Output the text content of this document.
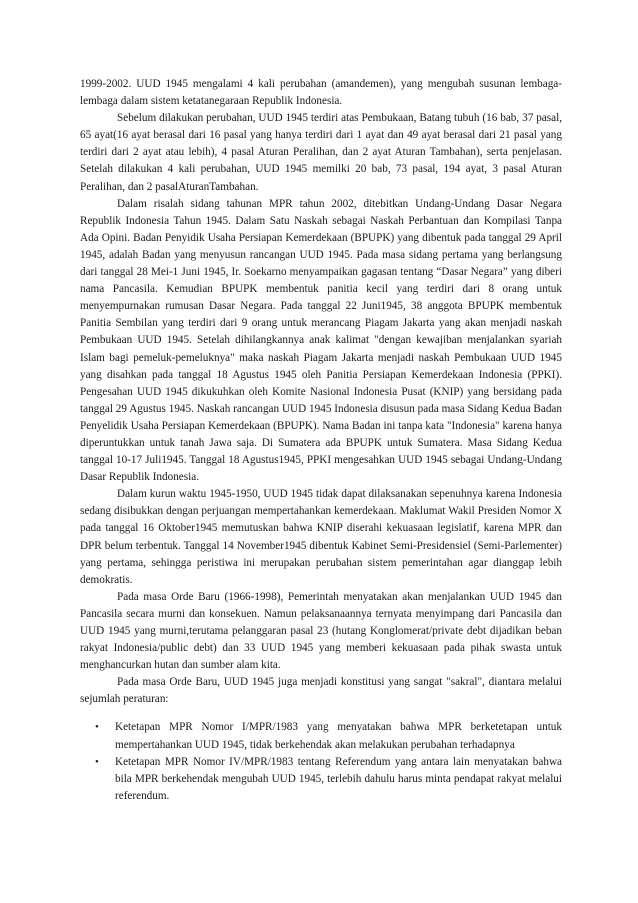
1999-2002. UUD 1945 mengalami 4 kali perubahan (amandemen), yang mengubah susunan lembaga-lembaga dalam sistem ketatanegaraan Republik Indonesia.

Sebelum dilakukan perubahan, UUD 1945 terdiri atas Pembukaan, Batang tubuh (16 bab, 37 pasal, 65 ayat(16 ayat berasal dari 16 pasal yang hanya terdiri dari 1 ayat dan 49 ayat berasal dari 21 pasal yang terdiri dari 2 ayat atau lebih), 4 pasal Aturan Peralihan, dan 2 ayat Aturan Tambahan), serta penjelasan. Setelah dilakukan 4 kali perubahan, UUD 1945 memilki 20 bab, 73 pasal, 194 ayat, 3 pasal Aturan Peralihan, dan 2 pasalAturanTambahan.

Dalam risalah sidang tahunan MPR tahun 2002, ditebitkan Undang-Undang Dasar Negara Republik Indonesia Tahun 1945. Dalam Satu Naskah sebagai Naskah Perbantuan dan Kompilasi Tanpa Ada Opini. Badan Penyidik Usaha Persiapan Kemerdekaan (BPUPK) yang dibentuk pada tanggal 29 April 1945, adalah Badan yang menyusun rancangan UUD 1945. Pada masa sidang pertama yang berlangsung dari tanggal 28 Mei-1 Juni 1945, Ir. Soekarno menyampaikan gagasan tentang “Dasar Negara” yang diberi nama Pancasila. Kemudian BPUPK membentuk panitia kecil yang terdiri dari 8 orang untuk menyempurnakan rumusan Dasar Negara. Pada tanggal 22 Juni1945, 38 anggota BPUPK membentuk Panitia Sembilan yang terdiri dari 9 orang untuk merancang Piagam Jakarta yang akan menjadi naskah Pembukaan UUD 1945. Setelah dihilangkannya anak kalimat "dengan kewajiban menjalankan syariah Islam bagi pemeluk-pemeluknya" maka naskah Piagam Jakarta menjadi naskah Pembukaan UUD 1945 yang disahkan pada tanggal 18 Agustus 1945 oleh Panitia Persiapan Kemerdekaan Indonesia (PPKI). Pengesahan UUD 1945 dikukuhkan oleh Komite Nasional Indonesia Pusat (KNIP) yang bersidang pada tanggal 29 Agustus 1945. Naskah rancangan UUD 1945 Indonesia disusun pada masa Sidang Kedua Badan Penyelidik Usaha Persiapan Kemerdekaan (BPUPK). Nama Badan ini tanpa kata "Indonesia" karena hanya diperuntukkan untuk tanah Jawa saja. Di Sumatera ada BPUPK untuk Sumatera. Masa Sidang Kedua tanggal 10-17 Juli1945. Tanggal 18 Agustus1945, PPKI mengesahkan UUD 1945 sebagai Undang-Undang Dasar Republik Indonesia.

Dalam kurun waktu 1945-1950, UUD 1945 tidak dapat dilaksanakan sepenuhnya karena Indonesia sedang disibukkan dengan perjuangan mempertahankan kemerdekaan. Maklumat Wakil Presiden Nomor X pada tanggal 16 Oktober1945 memutuskan bahwa KNIP diserahi kekuasaan legislatif, karena MPR dan DPR belum terbentuk. Tanggal 14 November1945 dibentuk Kabinet Semi-Presidensiel (Semi-Parlementer) yang pertama, sehingga peristiwa ini merupakan perubahan sistem pemerintahan agar dianggap lebih demokratis.

Pada masa Orde Baru (1966-1998), Pemerintah menyatakan akan menjalankan UUD 1945 dan Pancasila secara murni dan konsekuen. Namun pelaksanaannya ternyata menyimpang dari Pancasila dan UUD 1945 yang murni,terutama pelanggaran pasal 23 (hutang Konglomerat/private debt dijadikan beban rakyat Indonesia/public debt) dan 33 UUD 1945 yang memberi kekuasaan pada pihak swasta untuk menghancurkan hutan dan sumber alam kita.

Pada masa Orde Baru, UUD 1945 juga menjadi konstitusi yang sangat "sakral", diantara melalui sejumlah peraturan:

• Ketetapan MPR Nomor I/MPR/1983 yang menyatakan bahwa MPR berketetapan untuk mempertahankan UUD 1945, tidak berkehendak akan melakukan perubahan terhadapnya
• Ketetapan MPR Nomor IV/MPR/1983 tentang Referendum yang antara lain menyatakan bahwa bila MPR berkehendak mengubah UUD 1945, terlebih dahulu harus minta pendapat rakyat melalui referendum.
